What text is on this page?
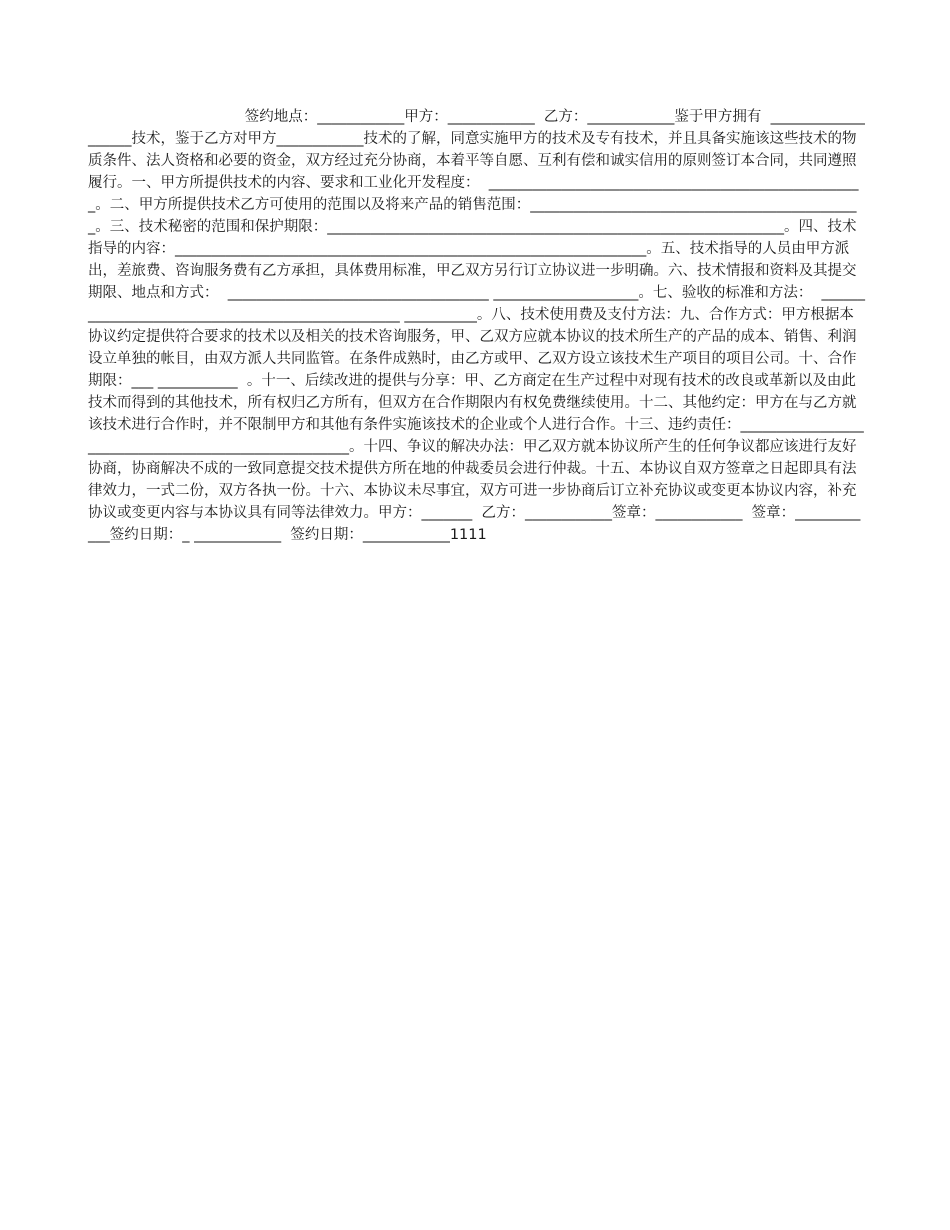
签约地点：____________甲方：____________  乙方：____________鉴于甲方拥有  ___________________技术，鉴于乙方对甲方____________技术的了解，同意实施甲方的技术及专有技术，并且具备实施该这些技术的物质条件、法人资格和必要的资金，双方经过充分协商，本着平等自愿、互利有偿和诚实信用的原则签订本合同，共同遵照履行。一、甲方所提供技术的内容、要求和工业化开发程度：  ____________________________________________________。二、甲方所提供技术乙方可使用的范围以及将来产品的销售范围：______________________________________________。三、技术秘密的范围和保护期限：_______________________________________________________________。四、技术指导的内容：_________________________________________________________________。五、技术指导的人员由甲方派出，差旅费、咨询服务费有乙方承担，具体费用标准，甲乙双方另行订立协议进一步明确。六、技术情报和资料及其提交期限、地点和方式：  ____________________________________ ____________________。七、验收的标准和方法：  _________________________________________________ __________。八、技术使用费及支付方法：九、合作方式：甲方根据本协议约定提供符合要求的技术以及相关的技术咨询服务，甲、乙双方应就本协议的技术所生产的产品的成本、销售、利润设立单独的帐目，由双方派人共同监管。在条件成熟时，由乙方或甲、乙双方设立该技术生产项目的项目公司。十、合作期限：___ ___________  。十一、后续改进的提供与分享：甲、乙方商定在生产过程中对现有技术的改良或革新以及由此技术而得到的其他技术，所有权归乙方所有，但双方在合作期限内有权免费继续使用。十二、其他约定：甲方在与乙方就该技术进行合作时，并不限制甲方和其他有条件实施该技术的企业或个人进行合作。十三、违约责任：_____________________________________________________。十四、争议的解决办法：甲乙双方就本协议所产生的任何争议都应该进行友好协商，协商解决不成的一致同意提交技术提供方所在地的仲裁委员会进行仲裁。十五、本协议自双方签章之日起即具有法律效力，一式二份，双方各执一份。十六、本协议未尽事宜，双方可进一步协商后订立补充协议或变更本协议内容，补充协议或变更内容与本协议具有同等法律效力。甲方：_______  乙方：____________签章：____________  签章：____________签约日期：_ ____________  签约日期：____________1111
